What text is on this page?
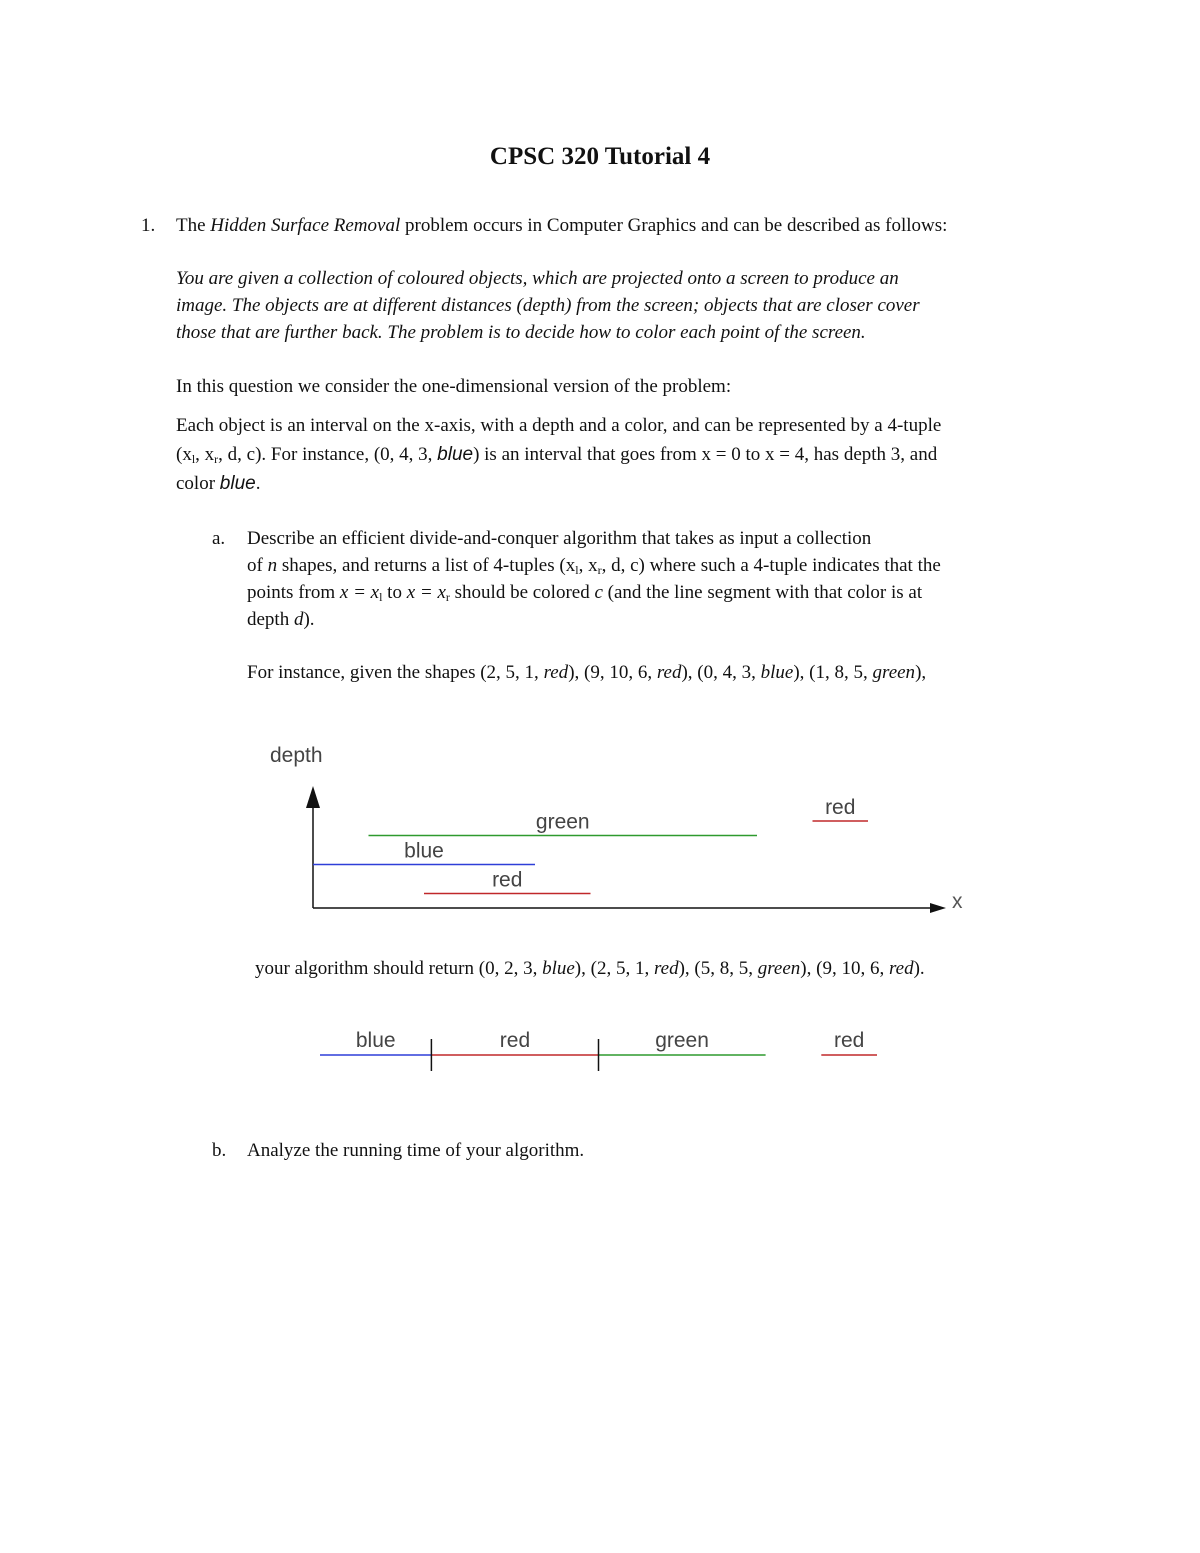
CPSC 320 Tutorial 4
1. The Hidden Surface Removal problem occurs in Computer Graphics and can be described as follows:
You are given a collection of coloured objects, which are projected onto a screen to produce an
image. The objects are at different distances (depth) from the screen; objects that are closer cover
those that are further back. The problem is to decide how to color each point of the screen.
In this question we consider the one-dimensional version of the problem:
Each object is an interval on the x-axis, with a depth and a color, and can be represented by a 4-tuple
($x_l$, $x_r$, d, c). For instance, (0, 4, 3, blue) is an interval that goes from x = 0 to x = 4, has depth 3, and
color blue.
a. Describe an efficient divide-and-conquer algorithm that takes as input a collection
of n shapes, and returns a list of 4-tuples ($x_l$, $x_r$, d, c) where such a 4-tuple indicates that the
points from $x = x_l$ to $x = x_r$ should be colored c (and the line segment with that color is at
depth d).
For instance, given the shapes (2, 5, 1, red), (9, 10, 6, red), (0, 4, 3, blue), (1, 8, 5, green),
depth
x
red
red
blue
green
your algorithm should return (0, 2, 3, blue), (2, 5, 1, red), (5, 8, 5, green), (9, 10, 6, red).
blue	red	green	red
b. Analyze the running time of your algorithm.
